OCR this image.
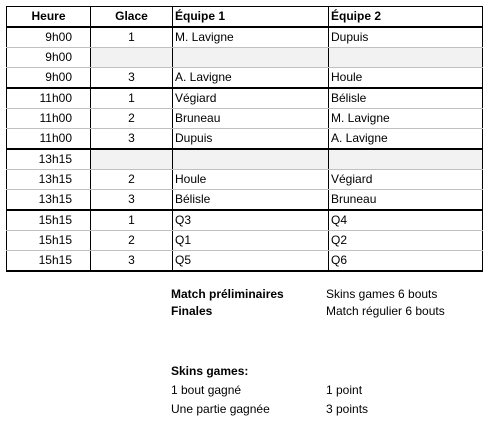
Heure	Glace	Équipe 1	Équipe 2
9h00	1	M. Lavigne	Dupuis
9h00			
9h00	3	A. Lavigne	Houle
11h00	1	Végiard	Bélisle
11h00	2	Bruneau	M. Lavigne
11h00	3	Dupuis	A. Lavigne
13h15			
13h15	2	Houle	Végiard
13h15	3	Bélisle	Bruneau
15h15	1	Q3	Q4
15h15	2	Q1	Q2
15h15	3	Q5	Q6
Match préliminaires	Skins games 6 bouts
Finales	Match régulier 6 bouts
Skins games:
1 bout gagné	1 point
Une partie gagnée	3 points
